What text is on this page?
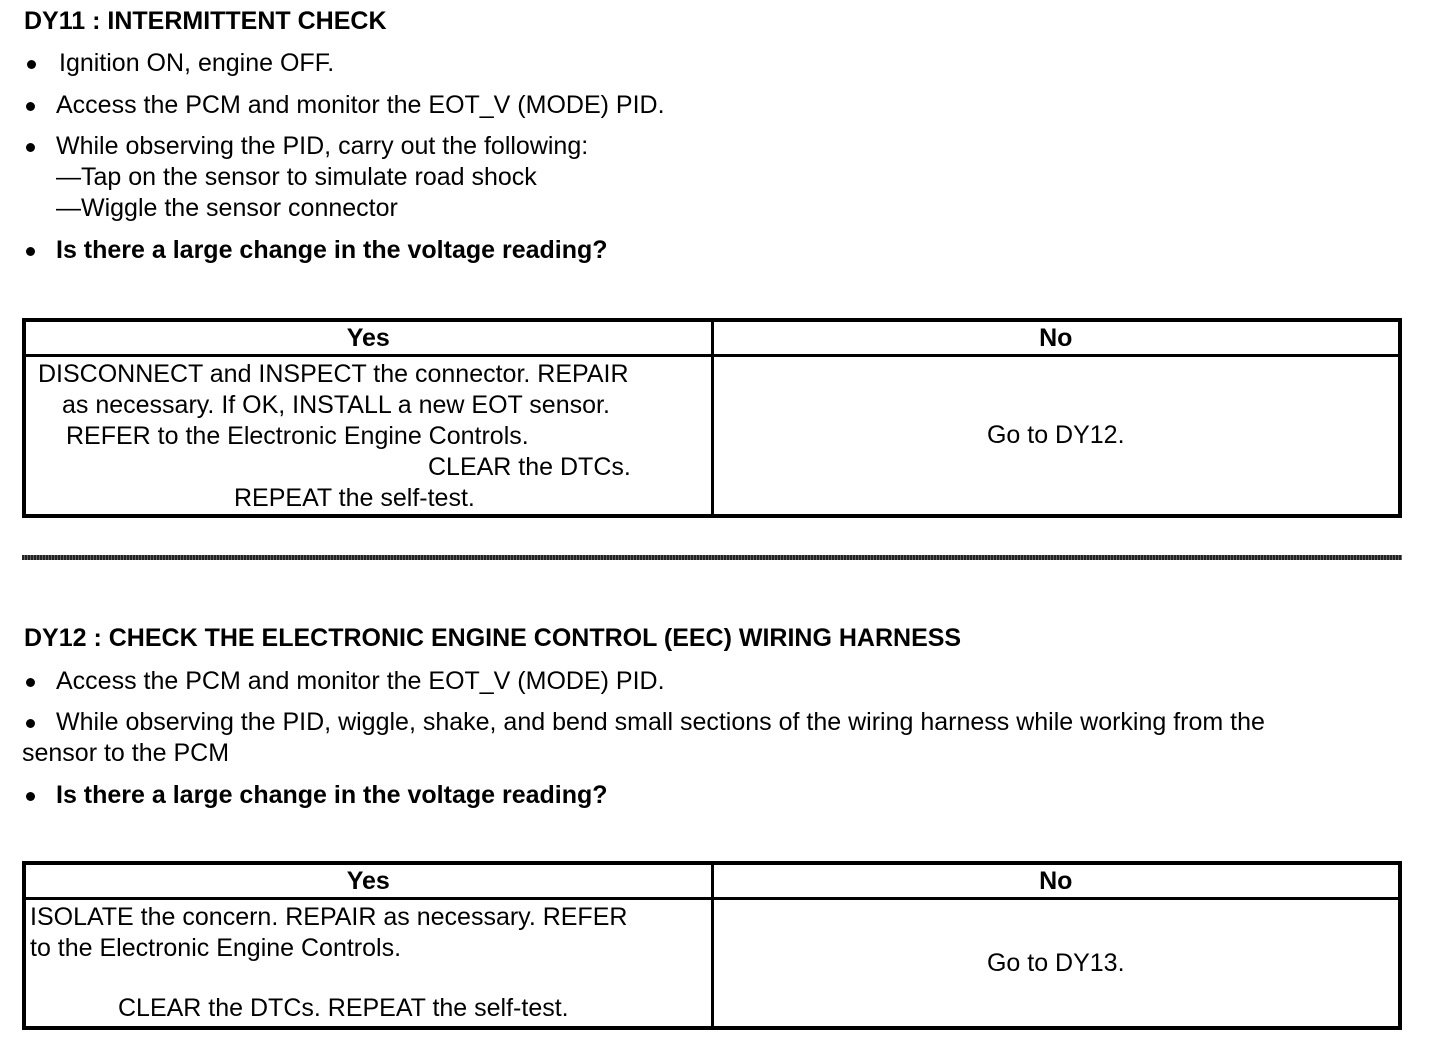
DY11 : INTERMITTENT CHECK
Ignition ON, engine OFF.
Access the PCM and monitor the EOT_V (MODE) PID.
While observing the PID, carry out the following:
—Tap on the sensor to simulate road shock
—Wiggle the sensor connector
Is there a large change in the voltage reading?
Yes	No

DISCONNECT and INSPECT the connector. REPAIR
as necessary. If OK, INSTALL a new EOT sensor.
REFER to the Electronic Engine Controls.
CLEAR the DTCs.
REPEAT the self-test.	Go to DY12.
DY12 : CHECK THE ELECTRONIC ENGINE CONTROL (EEC) WIRING HARNESS
Access the PCM and monitor the EOT_V (MODE) PID.
While observing the PID, wiggle, shake, and bend small sections of the wiring harness while working from the
sensor to the PCM
Is there a large change in the voltage reading?
Yes	No

ISOLATE the concern. REPAIR as necessary. REFER
to the Electronic Engine Controls.
CLEAR the DTCs. REPEAT the self-test.	Go to DY13.
